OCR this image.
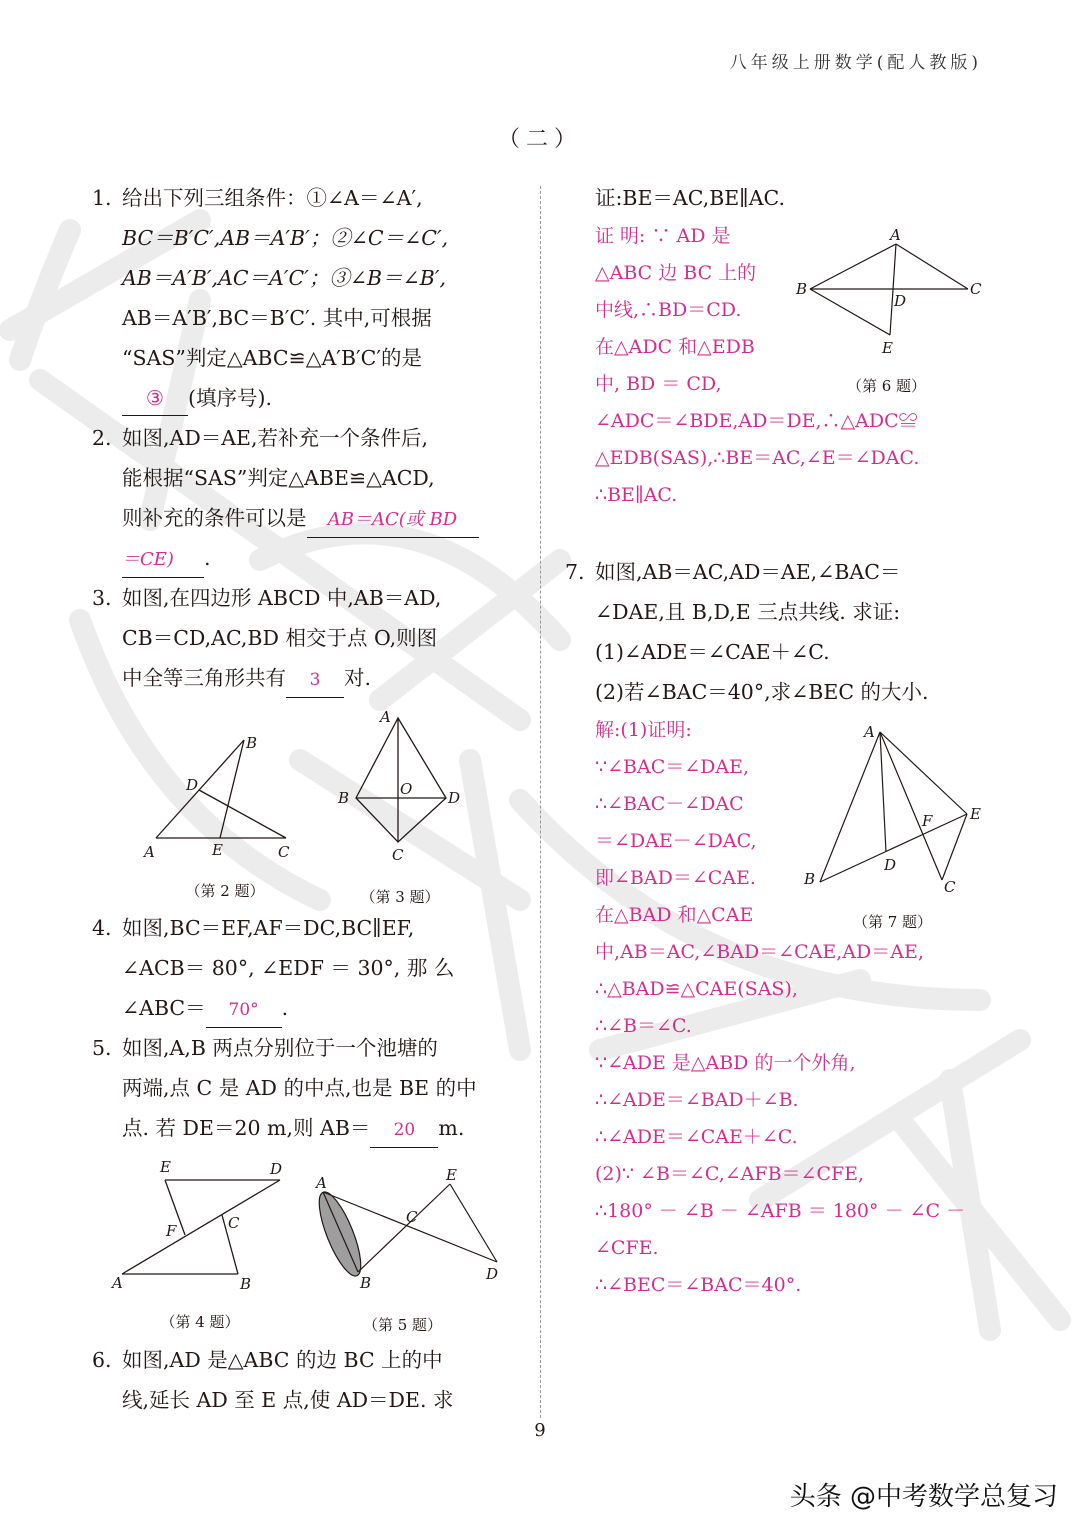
八年级上册数学(配人教版)
（二）
1. 给出下列三组条件：①∠A＝∠A′,
BC＝B′C′,AB＝A′B′；②∠C＝∠C′,
AB＝A′B′,AC＝A′C′；③∠B＝∠B′,
AB＝A′B′,BC＝B′C′. 其中,可根据
“SAS”判定△ABC≌△A′B′C′的是
③ (填序号).
2. 如图,AD＝AE,若补充一个条件后,
能根据“SAS”判定△ABE≌△ACD,
则补充的条件可以是 AB＝AC(或 BD
＝CE) .
3. 如图,在四边形 ABCD 中,AB＝AD,
CB＝CD,AC,BD 相交于点 O,则图
中全等三角形共有 3 对.
A
B
C
D
E
（第 2 题）
A
B
C
D
O
（第 3 题）
4. 如图,BC＝EF,AF＝DC,BC∥EF,
∠ACB＝ 80°, ∠EDF ＝ 30°, 那 么
∠ABC＝ 70° .
5. 如图,A,B 两点分别位于一个池塘的
两端,点 C 是 AD 的中点,也是 BE 的中
点. 若 DE＝20 m,则 AB＝ 20 m.
A	B
C
D
E
F
（第 4 题）
A
B
C
D
E
（第 5 题）
6. 如图,AD 是△ABC 的边 BC 上的中
线,延长 AD 至 E 点,使 AD＝DE. 求
证:BE＝AC,BE∥AC.
证 明: ∵ AD 是
△ABC 边 BC 上的
中线,∴BD＝CD.
在△ADC 和△EDB
中, BD ＝ CD,
∠ADC＝∠BDE,AD＝DE,∴△ADC≌
△EDB(SAS),∴BE＝AC,∠E＝∠DAC.
∴BE∥AC.
A
B	C
D
E
（第 6 题）
7. 如图,AB＝AC,AD＝AE,∠BAC＝
∠DAE,且 B,D,E 三点共线. 求证:
(1)∠ADE＝∠CAE＋∠C.
(2)若∠BAC＝40°,求∠BEC 的大小.
解:(1)证明:
∵∠BAC＝∠DAE,
∴∠BAC－∠DAC
＝∠DAE－∠DAC,
即∠BAD＝∠CAE.
在△BAD 和△CAE
中,AB＝AC,∠BAD＝∠CAE,AD＝AE,
∴△BAD≌△CAE(SAS),
∴∠B＝∠C.
∵∠ADE 是△ABD 的一个外角,
∴∠ADE＝∠BAD＋∠B.
∴∠ADE＝∠CAE＋∠C.
(2)∵ ∠B＝∠C,∠AFB＝∠CFE,
∴180° － ∠B － ∠AFB ＝ 180° － ∠C －
∠CFE.
∴∠BEC＝∠BAC＝40°.
A
B	C
D
E
F
（第 7 题）
9
头条 @中考数学总复习
